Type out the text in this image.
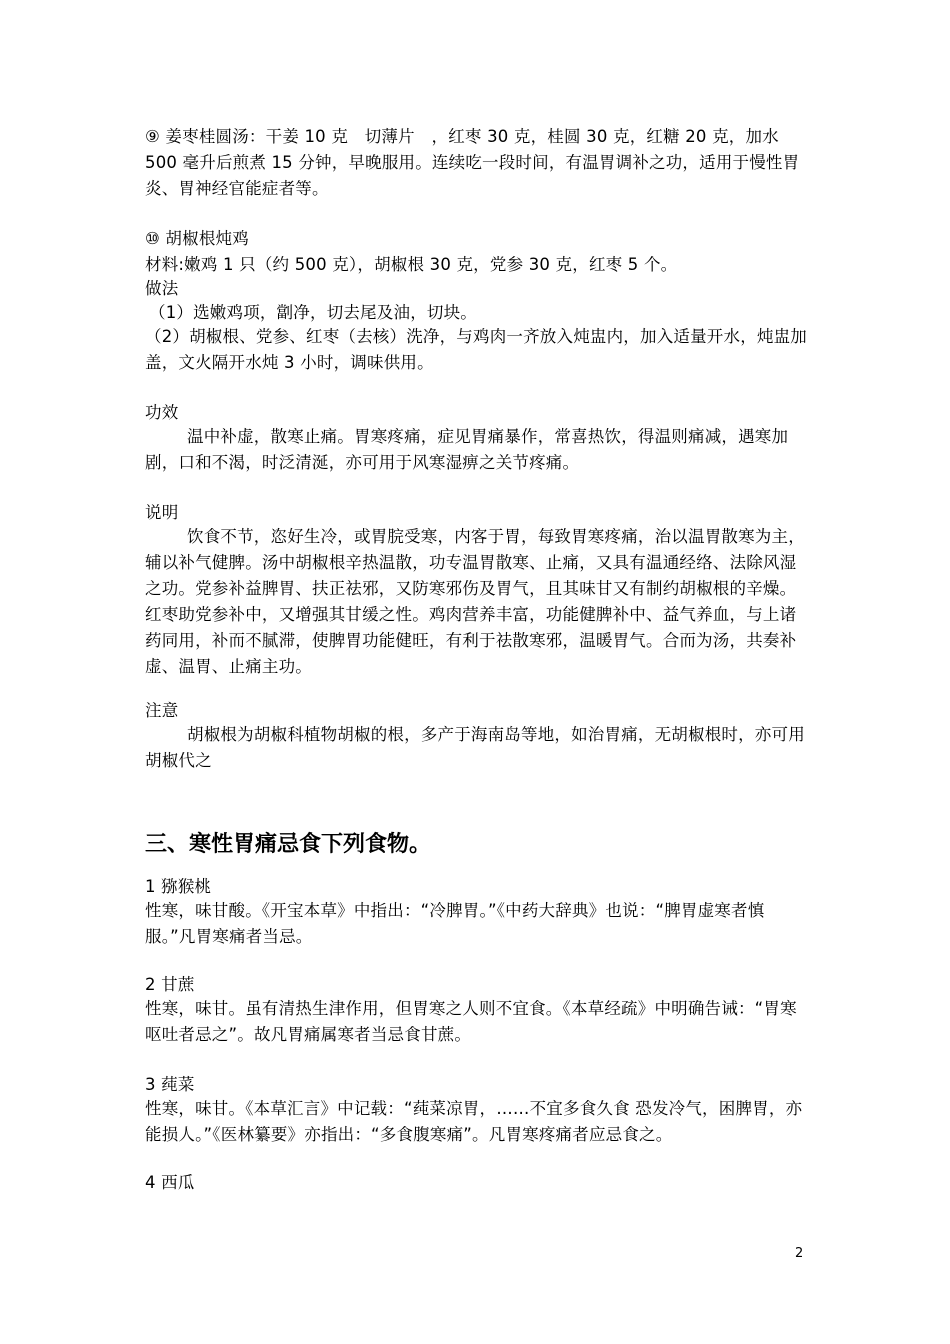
⑨ 姜枣桂圆汤：干姜 10 克　切薄片　，红枣 30 克，桂圆 30 克，红糖 20 克，加水 500 毫升后煎煮 15 分钟，早晚服用。连续吃一段时间，有温胃调补之功，适用于慢性胃炎、胃神经官能症者等。
⑩ 胡椒根炖鸡
材料:嫩鸡 1 只（约 500 克），胡椒根 30 克，党参 30 克，红枣 5 个。
做法
（1）选嫩鸡项，劏净，切去尾及油，切块。
（2）胡椒根、党参、红枣（去核）洗净，与鸡肉一齐放入炖盅内，加入适量开水，炖盅加盖，文火隔开水炖 3 小时，调味供用。
功效
温中补虚，散寒止痛。胃寒疼痛，症见胃痛暴作，常喜热饮，得温则痛减，遇寒加剧，口和不渴，时泛清涎，亦可用于风寒湿痹之关节疼痛。
说明
饮食不节，恣好生冷，或胃脘受寒，内客于胃，每致胃寒疼痛，治以温胃散寒为主，辅以补气健脾。汤中胡椒根辛热温散，功专温胃散寒、止痛，又具有温通经络、法除风湿之功。党参补益脾胃、扶正祛邪，又防寒邪伤及胃气，且其味甘又有制约胡椒根的辛燥。红枣助党参补中，又增强其甘缓之性。鸡肉营养丰富，功能健脾补中、益气养血，与上诸药同用，补而不腻滞，使脾胃功能健旺，有利于祛散寒邪，温暖胃气。合而为汤，共奏补虚、温胃、止痛主功。
注意
胡椒根为胡椒科植物胡椒的根，多产于海南岛等地，如治胃痛，无胡椒根时，亦可用胡椒代之
三、寒性胃痛忌食下列食物。
1 猕猴桃
性寒，味甘酸。《开宝本草》中指出：“冷脾胃。”《中药大辞典》也说：“脾胃虚寒者慎服。”凡胃寒痛者当忌。
2 甘蔗
性寒，味甘。虽有清热生津作用，但胃寒之人则不宜食。《本草经疏》中明确告诫：“胃寒呕吐者忌之”。故凡胃痛属寒者当忌食甘蔗。
3 莼菜
性寒，味甘。《本草汇言》中记载：“莼菜凉胃，……不宜多食久食 恐发冷气，困脾胃，亦能损人。”《医林纂要》亦指出：“多食腹寒痛”。凡胃寒疼痛者应忌食之。
4 西瓜
2
